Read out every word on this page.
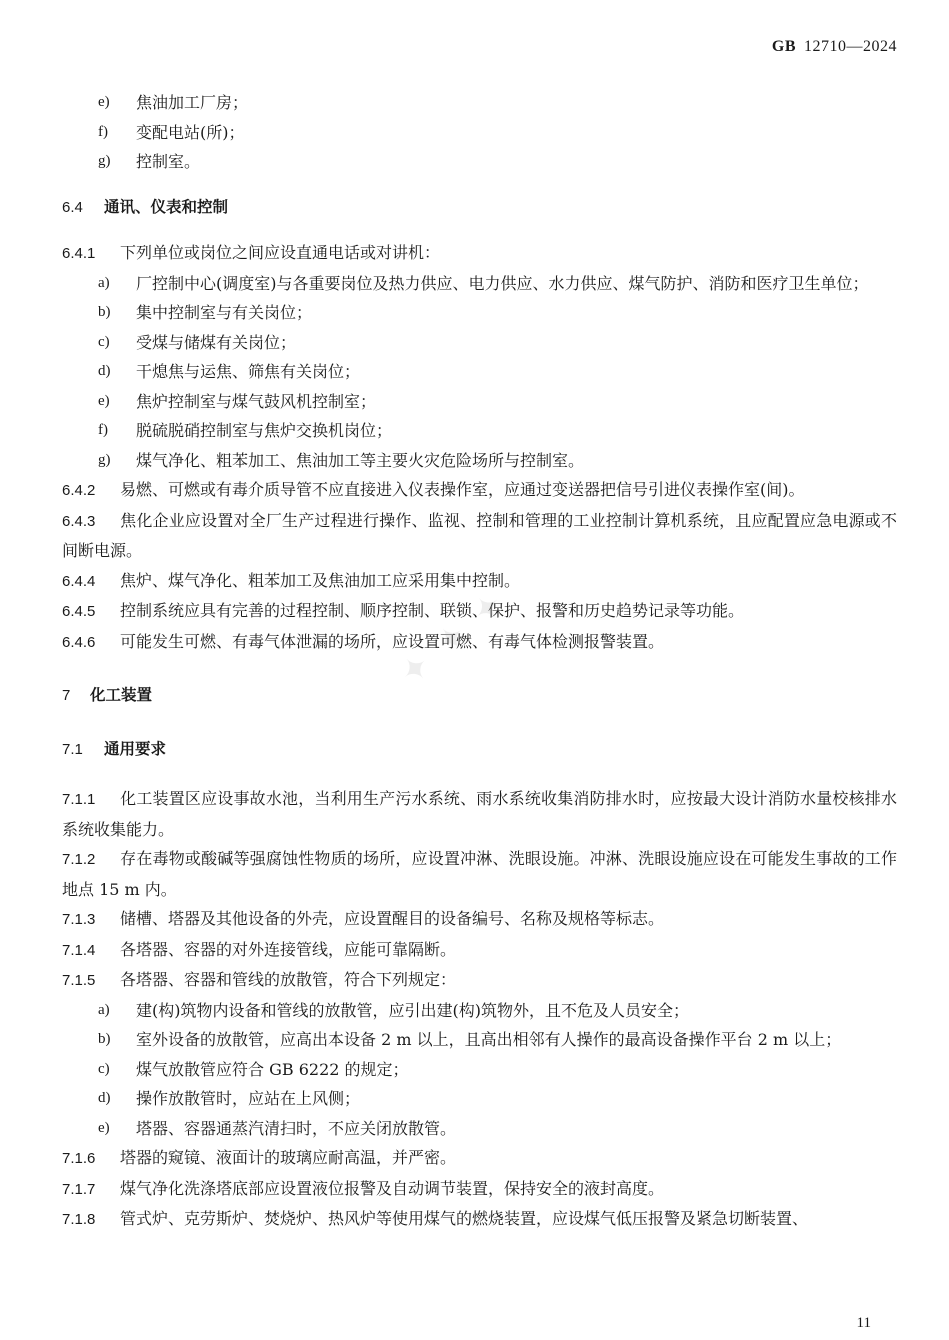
GB 12710—2024

e) 焦油加工厂房；

f) 变配电站(所)；

g) 控制室。

6.4 通讯、仪表和控制

6.4.1 下列单位或岗位之间应设直通电话或对讲机：

a) 厂控制中心(调度室)与各重要岗位及热力供应、电力供应、水力供应、煤气防护、消防和医疗卫生单位；

b) 集中控制室与有关岗位；

c) 受煤与储煤有关岗位；

d) 干熄焦与运焦、筛焦有关岗位；

e) 焦炉控制室与煤气鼓风机控制室；

f) 脱硫脱硝控制室与焦炉交换机岗位；

g) 煤气净化、粗苯加工、焦油加工等主要火灾危险场所与控制室。

6.4.2 易燃、可燃或有毒介质导管不应直接进入仪表操作室，应通过变送器把信号引进仪表操作室(间)。

6.4.3 焦化企业应设置对全厂生产过程进行操作、监视、控制和管理的工业控制计算机系统，且应配置应急电源或不间断电源。

6.4.4 焦炉、煤气净化、粗苯加工及焦油加工应采用集中控制。

6.4.5 控制系统应具有完善的过程控制、顺序控制、联锁、保护、报警和历史趋势记录等功能。

6.4.6 可能发生可燃、有毒气体泄漏的场所，应设置可燃、有毒气体检测报警装置。

7 化工装置

7.1 通用要求

7.1.1 化工装置区应设事故水池，当利用生产污水系统、雨水系统收集消防排水时，应按最大设计消防水量校核排水系统收集能力。

7.1.2 存在毒物或酸碱等强腐蚀性物质的场所，应设置冲淋、洗眼设施。冲淋、洗眼设施应设在可能发生事故的工作地点 15 m 内。

7.1.3 储槽、塔器及其他设备的外壳，应设置醒目的设备编号、名称及规格等标志。

7.1.4 各塔器、容器的对外连接管线，应能可靠隔断。

7.1.5 各塔器、容器和管线的放散管，符合下列规定：

a) 建(构)筑物内设备和管线的放散管，应引出建(构)筑物外，且不危及人员安全；

b) 室外设备的放散管，应高出本设备 2 m 以上，且高出相邻有人操作的最高设备操作平台 2 m 以上；

c) 煤气放散管应符合 GB 6222 的规定；

d) 操作放散管时，应站在上风侧；

e) 塔器、容器通蒸汽清扫时，不应关闭放散管。

7.1.6 塔器的窥镜、液面计的玻璃应耐高温，并严密。

7.1.7 煤气净化洗涤塔底部应设置液位报警及自动调节装置，保持安全的液封高度。

7.1.8 管式炉、克劳斯炉、焚烧炉、热风炉等使用煤气的燃烧装置，应设煤气低压报警及紧急切断装置、

✦ ✦ ✦
11
